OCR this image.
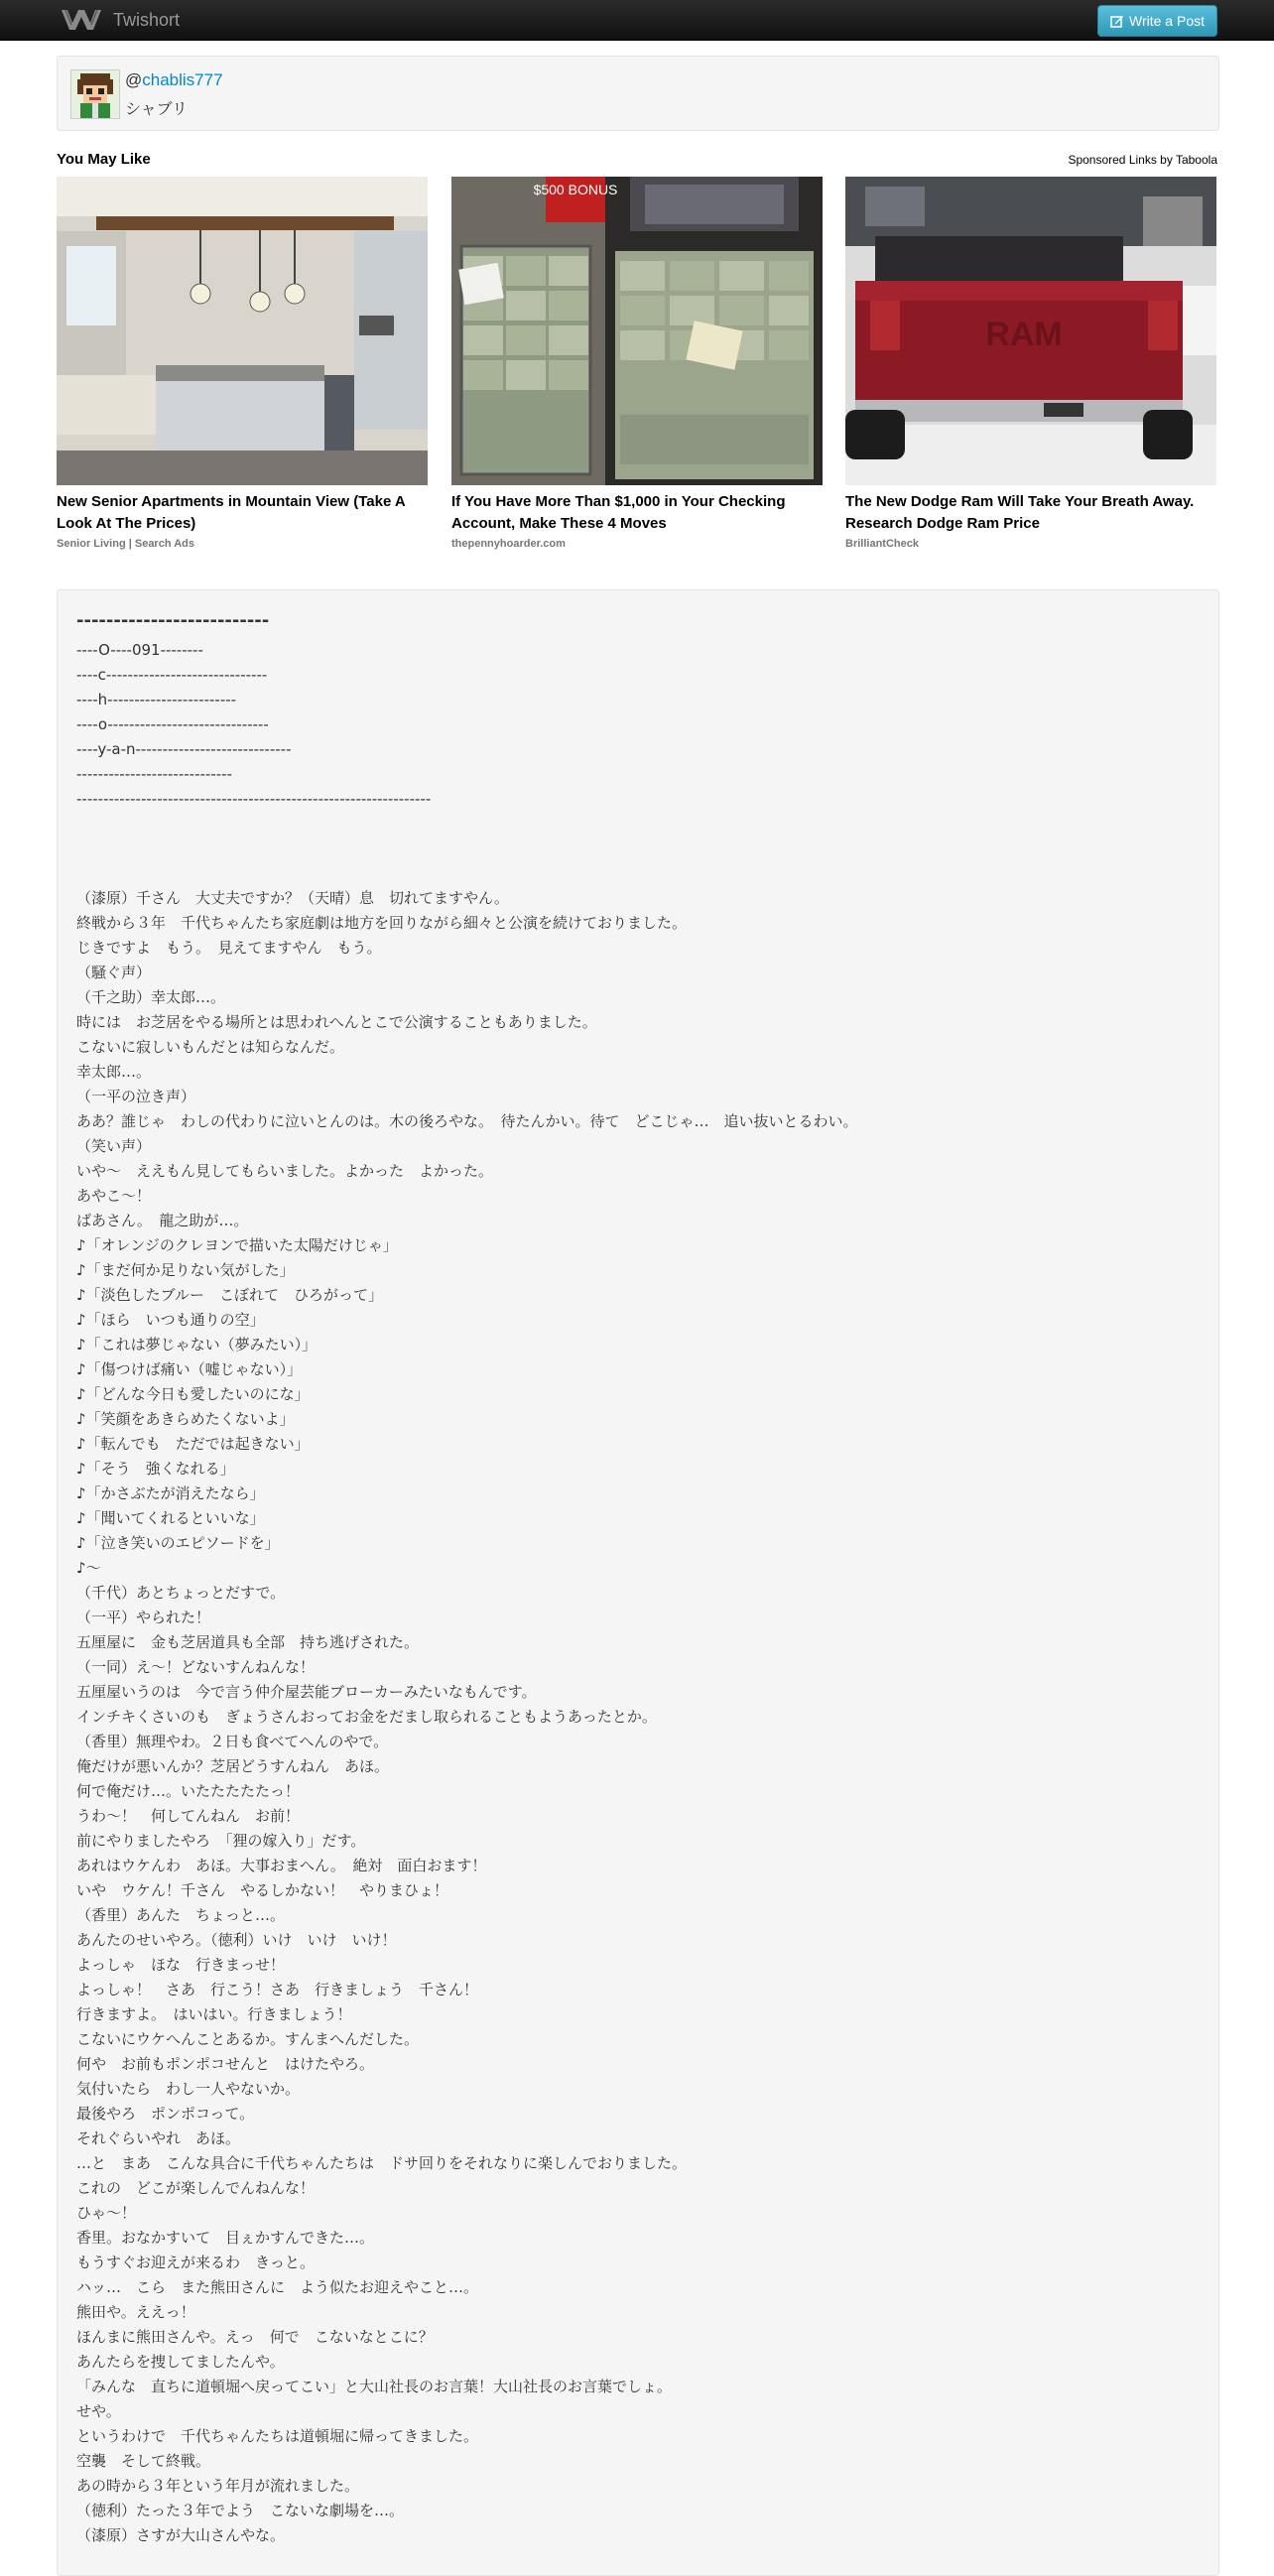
Twishort	Write a Post
@chablis777
シャブリ
You May Like	Sponsored Links by Taboola
New Senior Apartments in Mountain View (Take A Look At The Prices)
Senior Living | Search Ads
$500 BONUS
If You Have More Than $1,000 in Your Checking Account, Make These 4 Moves
thepennyhoarder.com
RAM
The New Dodge Ram Will Take Your Breath Away. Research Dodge Ram Price
BrilliantCheck
--------------------------
----O----091--------
----c------------------------------
----h------------------------
----o------------------------------
----y-a-n-----------------------------
-----------------------------
------------------------------------------------------------------
（漆原）千さん　大丈夫ですか？（天晴）息　切れてますやん。
終戦から３年　千代ちゃんたち家庭劇は地方を回りながら細々と公演を続けておりました。
じきですよ　もう。　見えてますやん　もう。
（騒ぐ声）
（千之助）幸太郎…。
時には　お芝居をやる場所とは思われへんとこで公演することもありました。
こないに寂しいもんだとは知らなんだ。
幸太郎…。
（一平の泣き声）
ああ？誰じゃ　わしの代わりに泣いとんのは。木の後ろやな。　待たんかい。待て　どこじゃ…　追い抜いとるわい。
（笑い声）
いや～　ええもん見してもらいました。よかった　よかった。
あやこ～！
ばあさん。　龍之助が…。
♪「オレンジのクレヨンで描いた太陽だけじゃ」
♪「まだ何か足りない気がした」
♪「淡色したブルー　こぼれて　ひろがって」
♪「ほら　いつも通りの空」
♪「これは夢じゃない（夢みたい）」
♪「傷つけば痛い（嘘じゃない）」
♪「どんな今日も愛したいのにな」
♪「笑顔をあきらめたくないよ」
♪「転んでも　ただでは起きない」
♪「そう　強くなれる」
♪「かさぶたが消えたなら」
♪「聞いてくれるといいな」
♪「泣き笑いのエピソードを」
♪～
（千代）あとちょっとだすで。
（一平）やられた！
五厘屋に　金も芝居道具も全部　持ち逃げされた。
（一同）え～！どないすんねんな！
五厘屋いうのは　今で言う仲介屋芸能ブローカーみたいなもんです。
インチキくさいのも　ぎょうさんおってお金をだまし取られることもようあったとか。
（香里）無理やわ。２日も食べてへんのやで。
俺だけが悪いんか？芝居どうすんねん　あほ。
何で俺だけ…。いたたたたたっ！
うわ～！　何してんねん　お前！
前にやりましたやろ　「狸の嫁入り」だす。
あれはウケんわ　あほ。大事おまへん。　絶対　面白おます！
いや　ウケん！千さん　やるしかない！　やりまひょ！
（香里）あんた　ちょっと…。
あんたのせいやろ。（徳利）いけ　いけ　いけ！
よっしゃ　ほな　行きまっせ！
よっしゃ！　さあ　行こう！さあ　行きましょう　千さん！
行きますよ。　はいはい。行きましょう！
こないにウケへんことあるか。すんまへんだした。
何や　お前もポンポコせんと　はけたやろ。
気付いたら　わし一人やないか。
最後やろ　ポンポコって。
それぐらいやれ　あほ。
…と　まあ　こんな具合に千代ちゃんたちは　ドサ回りをそれなりに楽しんでおりました。
これの　どこが楽しんでんねんな！
ひゃ～！
香里。おなかすいて　目ぇかすんできた…。
もうすぐお迎えが来るわ　きっと。
ハッ…　こら　また熊田さんに　よう似たお迎えやこと…。
熊田や。ええっ！
ほんまに熊田さんや。えっ　何で　こないなとこに？
あんたらを捜してましたんや。
「みんな　直ちに道頓堀へ戻ってこい」と大山社長のお言葉！大山社長のお言葉でしょ。
せや。
というわけで　千代ちゃんたちは道頓堀に帰ってきました。
空襲　そして終戦。
あの時から３年という年月が流れました。
（徳利）たった３年でよう　こないな劇場を…。
（漆原）さすが大山さんやな。
